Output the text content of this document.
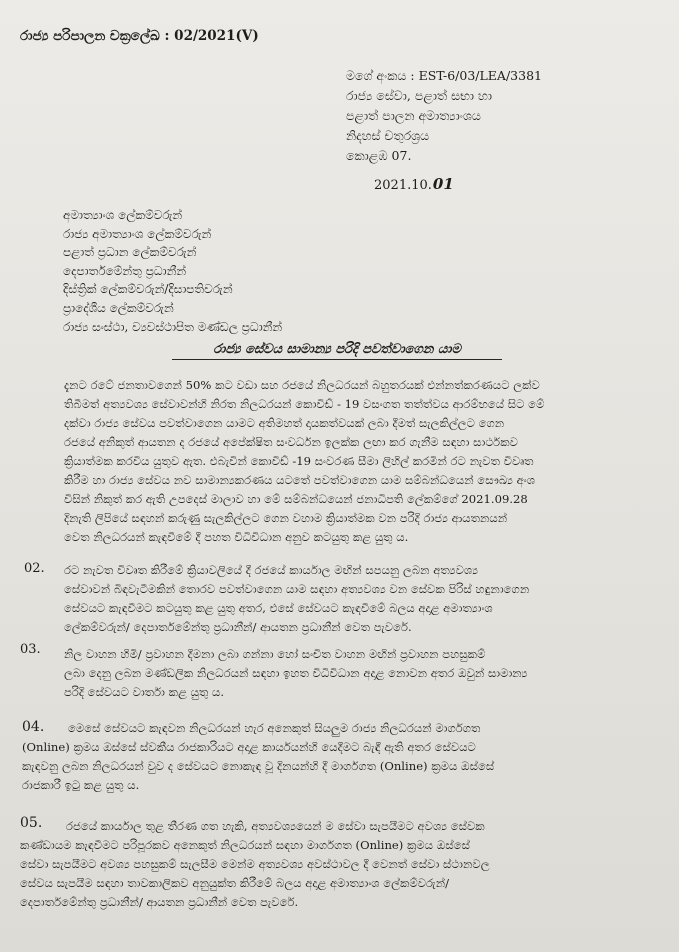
රාජ්‍ය පරිපාලන චක්‍රලේඛ : 02/2021(V)
මගේ අංකය : EST-6/03/LEA/3381
රාජ්‍ය සේවා, පළාත් සභා හා
පළාත් පාලන අමාත්‍යාංශය
නිදහස් චතුරශ්‍රය
කොළඹ 07.
2021.10.01
අමාත්‍යාංශ ලේකම්වරුන්
රාජ්‍ය අමාත්‍යාංශ ලේකම්වරුන්
පළාත් ප්‍රධාන ලේකම්වරුන්
දෙපාර්තමේන්තු ප්‍රධානීන්
දිස්ත්‍රික් ලේකම්වරුන්/දිසාපතිවරුන්
ප්‍රාදේශීය ලේකම්වරුන්
රාජ්‍ය සංස්ථා, ව්‍යවස්ථාපිත මණ්ඩල ප්‍රධානීන්
රාජ්‍ය සේවය සාමාන්‍ය පරිදි පවත්වාගෙන යාම
දැනට රටේ ජනතාවගෙන් 50% කට වඩා සහ රජයේ නිලධරයන් බහුතරයක් එන්නත්කරණයට ලක්ව
තිබීමත් අත්‍යවශ්‍ය සේවාවන්හි නිරත නිලධරයන් කොවිඩ් - 19 වසංගත තත්ත්වය ආරම්භයේ සිට මේ
දක්වා රාජ්‍ය සේවය පවත්වාගෙන යාමට අතිමහත් දායකත්වයක් ලබා දීමත් සැලකිල්ලට ගෙන
රජයේ අනිකුත් ආයතන ද රජයේ අපේක්ෂිත සංවර්ධන ඉලක්ක ලඟා කර ගැනීම සඳහා සාර්ථකව
ක්‍රියාත්මක කරවිය යුතුව ඇත. එබැවින් කොවිඩ් -19 සංවරණ සීමා ලිහිල් කරමින් රට නැවත විවෘත
කිරීම හා රාජ්‍ය සේවය නව සාමාන්‍යකරණය යටතේ පවත්වාගෙන යාම සම්බන්ධයෙන් සෞඛ්‍ය අංශ
විසින් නිකුත් කර ඇති උපදෙස් මාලාව හා මේ සම්බන්ධයෙන් ජනාධිපති ලේකම්ගේ 2021.09.28
දිනැති ලිපියේ සඳහන් කරුණු සැලකිල්ලට ගෙන වහාම ක්‍රියාත්මක වන පරිදි රාජ්‍ය ආයතනයන්
වෙත නිලධරයන් කැඳවීමේ දී පහත විධිවිධාන අනුව කටයුතු කළ යුතු ය.
02. රට නැවත විවෘත කිරීමේ ක්‍රියාවලියේ දී රජයේ කාර්යාල මඟින් සපයනු ලබන අත්‍යවශ්‍ය
සේවාවන් බිඳවැටීමකින් තොරව පවත්වාගෙන යාම සඳහා අත්‍යවශ්‍ය වන සේවක පිරිස් හඳුනාගෙන
සේවයට කැඳවීමට කටයුතු කළ යුතු අතර, එසේ සේවයට කැඳවීමේ බලය අදාළ අමාත්‍යාංශ
ලේකම්වරුන්/ දෙපාර්තමේන්තු ප්‍රධානීන්/ ආයතන ප්‍රධානීන් වෙත පැවරේ.
03. නිල වාහන හිමි/ ප්‍රවාහන දීමනා ලබා ගන්නා හෝ සංචිත වාහන මඟින් ප්‍රවාහන පහසුකම්
ලබා දෙනු ලබන මණ්ඩලික නිලධරයන් සඳහා ඉහත විධිවිධාන අදාළ නොවන අතර ඔවුන් සාමාන්‍ය
පරිදි සේවයට වාර්තා කළ යුතු ය.
04.	මෙසේ සේවයට කැඳවන නිලධරයන් හැර අනෙකුත් සියලුම රාජ්‍ය නිලධරයන් මාර්ගගත
(Online) ක්‍රමය ඔස්සේ ස්වකීය රාජකාරියට අදාළ කාර්යයන්හි යෙදීමට බැඳී ඇති අතර සේවයට
කැඳවනු ලබන නිලධරයන් වුව ද සේවයට නොකැඳ වූ දිනයන්හි දී මාර්ගගත (Online) ක්‍රමය ඔස්සේ
රාජකාරී ඉටු කළ යුතු ය.
05.	රජයේ කාර්යාල තුළ තීරණ ගත හැකි, අත්‍යවශ්‍යයෙන් ම සේවා සැපයීමට අවශ්‍ය සේවක
කණ්ඩායම කැඳවීමට පරිපූරකව අනෙකුත් නිලධරයන් සඳහා මාර්ගගත (Online) ක්‍රමය ඔස්සේ
සේවා සැපයීමට අවශ්‍ය පහසුකම් සැලසීම මෙන්ම අත්‍යවශ්‍ය අවස්ථාවල දී වෙනත් සේවා ස්ථානවල
සේවය සැපයීම සඳහා තාවකාලිකව අනුයුක්ත කිරීමේ බලය අදාළ අමාත්‍යාංශ ලේකම්වරුන්/
දෙපාර්තමේන්තු ප්‍රධානීන්/ ආයතන ප්‍රධානීන් වෙත පැවරේ.
